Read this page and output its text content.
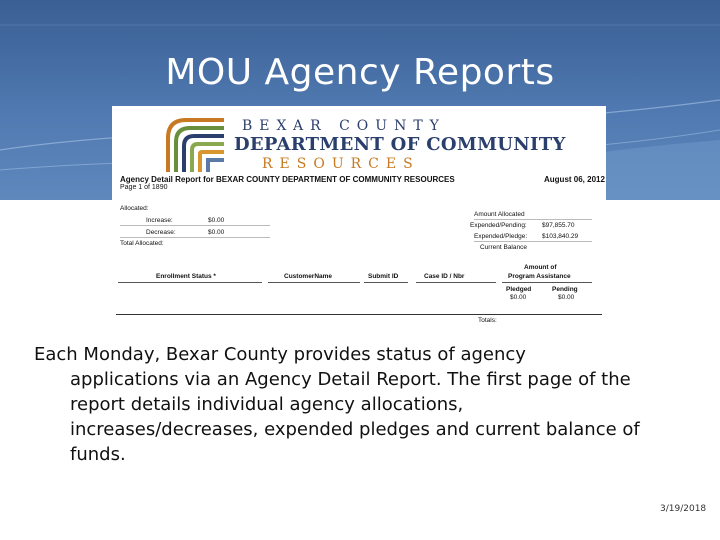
MOU Agency Reports
BEXAR COUNTY
DEPARTMENT OF COMMUNITY
RESOURCES
Agency Detail Report for BEXAR COUNTY DEPARTMENT OF COMMUNITY RESOURCES	August 06, 2012
Page 1 of 1890
Allocated:
Increase:	$0.00
Decrease:	$0.00
Total Allocated:
Amount Allocated
Expended/Pending: $97,855.70
Expended/Pledge: $103,840.29
Current Balance
Enrollment Status *	CustomerName	Submit ID	Case ID / Nbr
Amount of
Program Assistance
Pledged	Pending
$0.00	$0.00
Totals:
Each Monday, Bexar County provides status of agency
applications via an Agency Detail Report. The first page of the report details individual agency allocations, increases/decreases, expended pledges and current balance of funds.
3/19/2018
